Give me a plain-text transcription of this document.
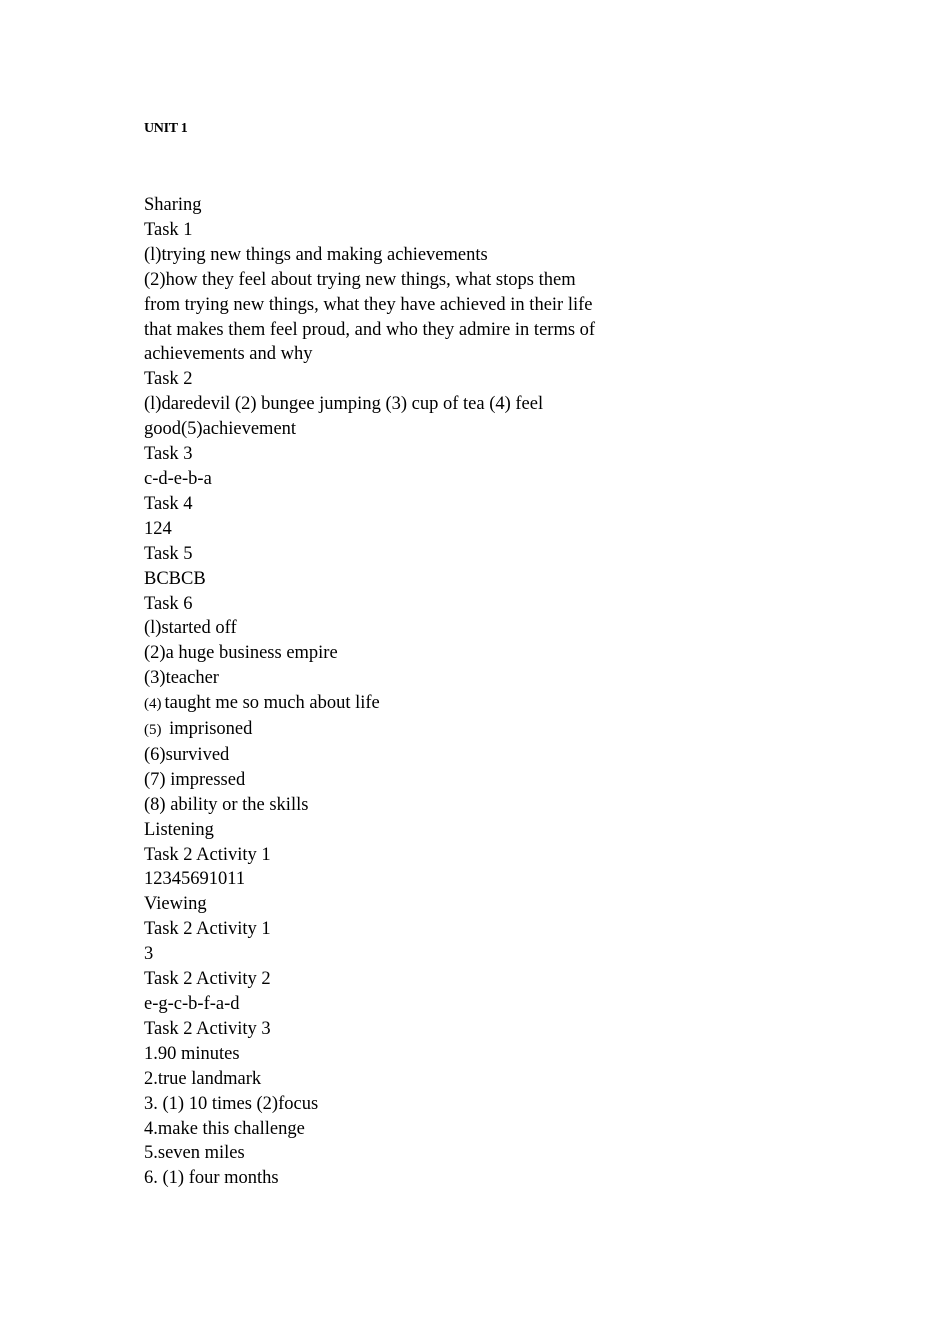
UNIT 1
Sharing
Task 1
(l)trying new things and making achievements
(2)how they feel about trying new things, what stops them
from trying new things, what they have achieved in their life
that makes them feel proud, and who they admire in terms of
achievements and why
Task 2
(l)daredevil (2) bungee jumping (3) cup of tea (4) feel
good(5)achievement
Task 3
c-d-e-b-a
Task 4
124
Task 5
BCBCB
Task 6
(l)started off
(2)a huge business empire
(3)teacher
(4) taught me so much about life
(5) imprisoned
(6)survived
(7) impressed
(8) ability or the skills
Listening
Task 2 Activity 1
12345691011
Viewing
Task 2 Activity 1
3
Task 2 Activity 2
e-g-c-b-f-a-d
Task 2 Activity 3
1.90 minutes
2.true landmark
3. (1) 10 times (2)focus
4.make this challenge
5.seven miles
6. (1) four months
